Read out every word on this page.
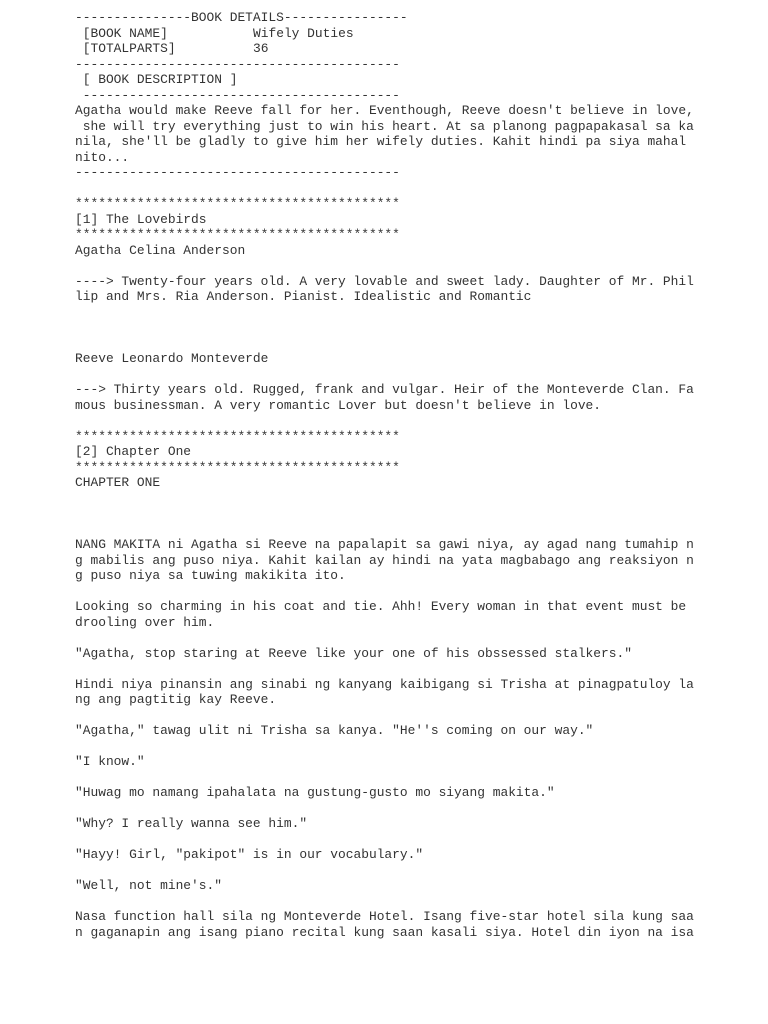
---------------BOOK DETAILS----------------
[BOOK NAME]	Wifely Duties
[TOTALPARTS]	36
------------------------------------------
[ BOOK DESCRIPTION ]
-----------------------------------------
Agatha would make Reeve fall for her. Eventhough, Reeve doesn't believe in love,
she will try everything just to win his heart. At sa planong pagpapakasal sa ka
nila, she'll be gladly to give him her wifely duties. Kahit hindi pa siya mahal
nito...
------------------------------------------
******************************************
[1] The Lovebirds
******************************************
Agatha Celina Anderson
----> Twenty-four years old. A very lovable and sweet lady. Daughter of Mr. Phil
lip and Mrs. Ria Anderson. Pianist. Idealistic and Romantic
Reeve Leonardo Monteverde
---> Thirty years old. Rugged, frank and vulgar. Heir of the Monteverde Clan. Fa
mous businessman. A very romantic Lover but doesn't believe in love.
******************************************
[2] Chapter One
******************************************
CHAPTER ONE
NANG MAKITA ni Agatha si Reeve na papalapit sa gawi niya, ay agad nang tumahip n
g mabilis ang puso niya. Kahit kailan ay hindi na yata magbabago ang reaksiyon n
g puso niya sa tuwing makikita ito.
Looking so charming in his coat and tie. Ahh! Every woman in that event must be
drooling over him.
"Agatha, stop staring at Reeve like your one of his obssessed stalkers."
Hindi niya pinansin ang sinabi ng kanyang kaibigang si Trisha at pinagpatuloy la
ng ang pagtitig kay Reeve.
"Agatha," tawag ulit ni Trisha sa kanya. "He''s coming on our way."
"I know."
"Huwag mo namang ipahalata na gustung-gusto mo siyang makita."
"Why? I really wanna see him."
"Hayy! Girl, "pakipot" is in our vocabulary."
"Well, not mine's."
Nasa function hall sila ng Monteverde Hotel. Isang five-star hotel sila kung saa
n gaganapin ang isang piano recital kung saan kasali siya. Hotel din iyon na isa
